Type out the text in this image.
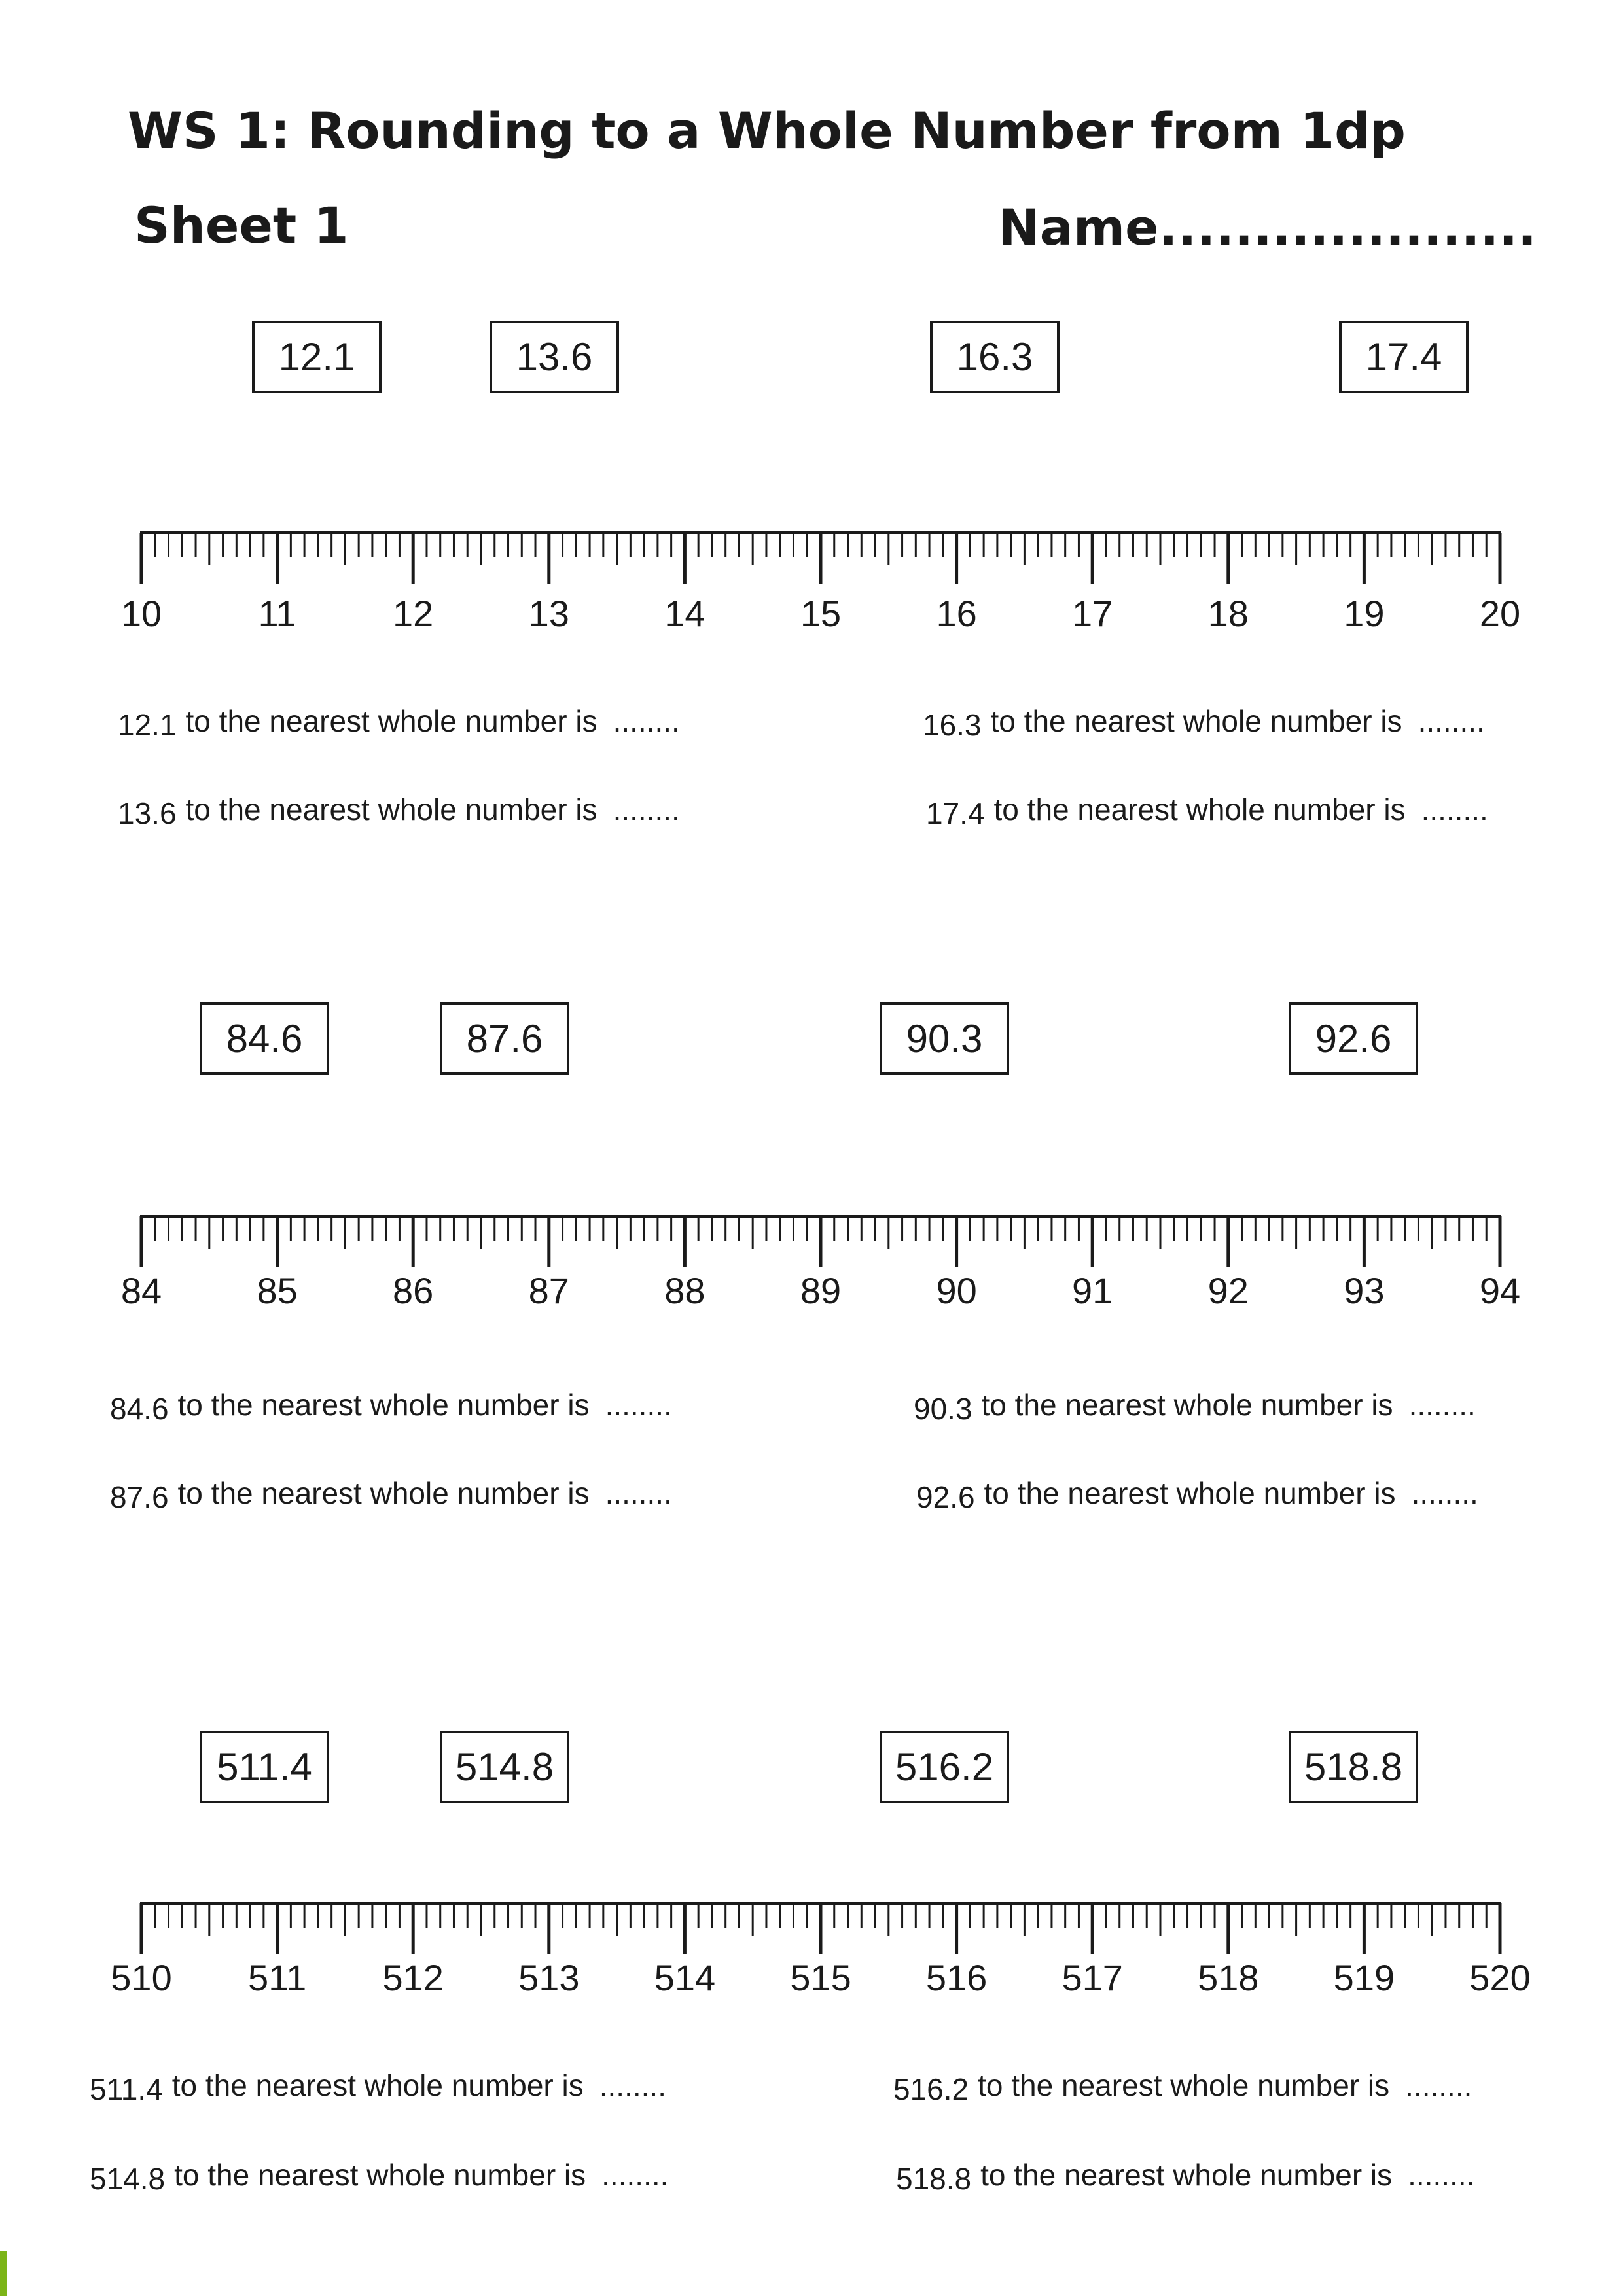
WS 1: Rounding to a Whole Number from 1dp
Sheet 1	Name....................
12.1	13.6	16.3	17.4
12.1 to the nearest whole number is ........
13.6 to the nearest whole number is ........
16.3 to the nearest whole number is ........
17.4 to the nearest whole number is ........
84.6	87.6	90.3	92.6
84.6 to the nearest whole number is ........
87.6 to the nearest whole number is ........
90.3 to the nearest whole number is ........
92.6 to the nearest whole number is ........
511.4	514.8	516.2	518.8
511.4 to the nearest whole number is ........
514.8 to the nearest whole number is ........
516.2 to the nearest whole number is ........
518.8 to the nearest whole number is ........
10	11	12	13	14	15	16	17	18	19	20
84	85	86	87	88	89	90	91	92	93	94
510 511 512 513 514 515 516 517 518 519 520
